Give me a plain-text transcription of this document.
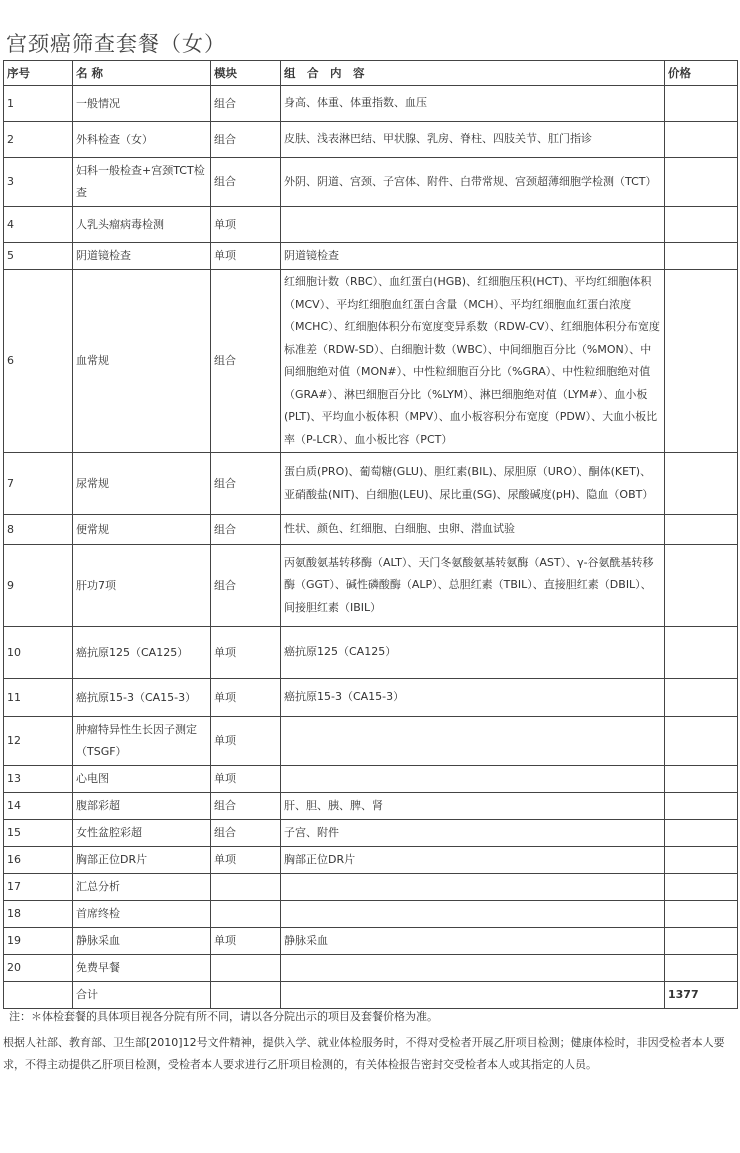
宫颈癌筛查套餐（女）
序号	名 称	模块	组　合　内　容	价格
1	一般情况	组合	身高、体重、体重指数、血压	
2	外科检查（女）	组合	皮肤、浅表淋巴结、甲状腺、乳房、脊柱、四肢关节、肛门指诊	
3	妇科一般检查+宫颈TCT检查	组合	外阴、阴道、宫颈、子宫体、附件、白带常规、宫颈超薄细胞学检测（TCT）	
4	人乳头瘤病毒检测	单项		
5	阴道镜检查	单项	阴道镜检查	
6	血常规	组合	红细胞计数（RBC）、血红蛋白(HGB)、红细胞压积(HCT)、平均红细胞体积（MCV）、平均红细胞血红蛋白含量（MCH）、平均红细胞血红蛋白浓度（MCHC）、红细胞体积分布宽度变异系数（RDW-CV）、红细胞体积分布宽度标准差（RDW-SD）、白细胞计数（WBC）、中间细胞百分比（%MON）、中间细胞绝对值（MON#）、中性粒细胞百分比（%GRA）、中性粒细胞绝对值（GRA#）、淋巴细胞百分比（%LYM）、淋巴细胞绝对值（LYM#）、血小板(PLT)、平均血小板体积（MPV）、血小板容积分布宽度（PDW）、大血小板比率（P-LCR）、血小板比容（PCT）	
7	尿常规	组合	蛋白质(PRO)、葡萄糖(GLU)、胆红素(BIL)、尿胆原（URO）、酮体(KET)、亚硝酸盐(NIT)、白细胞(LEU)、尿比重(SG)、尿酸碱度(pH)、隐血（OBT）	
8	便常规	组合	性状、颜色、红细胞、白细胞、虫卵、潜血试验	
9	肝功7项	组合	丙氨酸氨基转移酶（ALT）、天门冬氨酸氨基转氨酶（AST）、γ-谷氨酰基转移酶（GGT）、碱性磷酸酶（ALP）、总胆红素（TBIL）、直接胆红素（DBIL）、间接胆红素（IBIL）	
10	癌抗原125（CA125）	单项	癌抗原125（CA125）	
11	癌抗原15-3（CA15-3）	单项	癌抗原15-3（CA15-3）	
12	肿瘤特异性生长因子测定（TSGF）	单项		
13	心电图	单项		
14	腹部彩超	组合	肝、胆、胰、脾、肾	
15	女性盆腔彩超	组合	子宫、附件	
16	胸部正位DR片	单项	胸部正位DR片	
17	汇总分析			
18	首席终检			
19	静脉采血	单项	静脉采血	
20	免费早餐			
	合计			1377

注：＊体检套餐的具体项目视各分院有所不同，请以各分院出示的项目及套餐价格为准。

根据人社部、教育部、卫生部[2010]12号文件精神，提供入学、就业体检服务时，不得对受检者开展乙肝项目检测；健康体检时，非因受检者本人要求，不得主动提供乙肝项目检测，受检者本人要求进行乙肝项目检测的，有关体检报告密封交受检者本人或其指定的人员。
